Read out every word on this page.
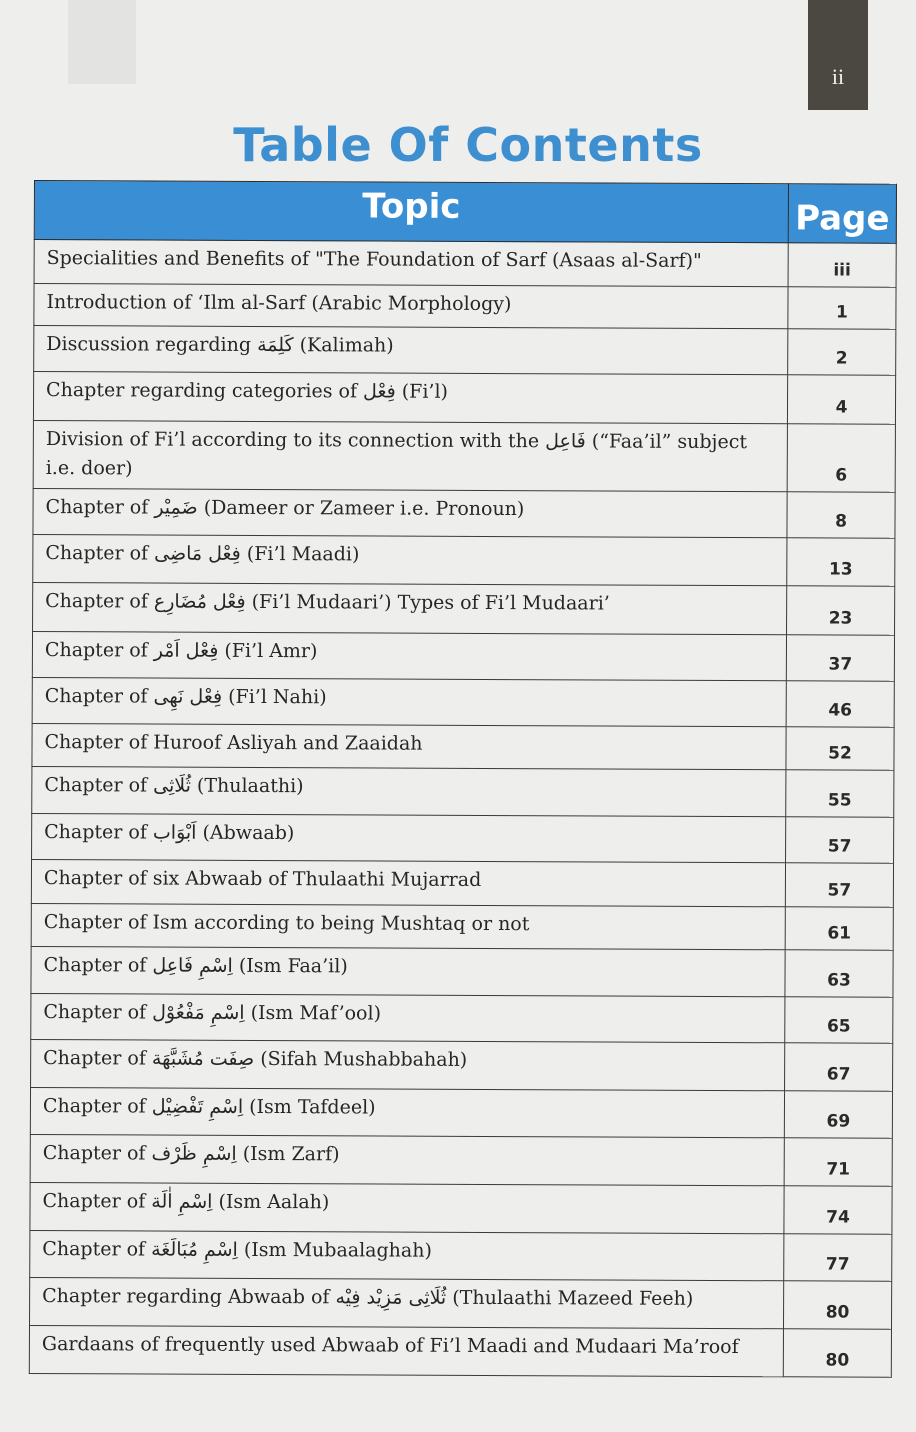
ii
Table Of Contents
Topic	Page
Specialities and Benefits of "The Foundation of Sarf (Asaas al-Sarf)"	iii
Introduction of ‘Ilm al-Sarf (Arabic Morphology)	1
Discussion regarding كَلِمَة (Kalimah)	2
Chapter regarding categories of فِعْل (Fi’l)	4
Division of Fi’l according to its connection with the فَاعِل (“Faa’il” subject i.e. doer)	6
Chapter of ضَمِيْر (Dameer or Zameer i.e. Pronoun)	8
Chapter of فِعْل مَاضِى (Fi’l Maadi)	13
Chapter of فِعْل مُضَارِع (Fi’l Mudaari’) Types of Fi’l Mudaari’	23
Chapter of فِعْل اَمْر (Fi’l Amr)	37
Chapter of فِعْل نَهِى (Fi’l Nahi)	46
Chapter of Huroof Asliyah and Zaaidah	52
Chapter of ثُلَاثِى (Thulaathi)	55
Chapter of اَبْوَاب (Abwaab)	57
Chapter of six Abwaab of Thulaathi Mujarrad	57
Chapter of Ism according to being Mushtaq or not	61
Chapter of اِسْمِ فَاعِل (Ism Faa’il)	63
Chapter of اِسْمِ مَفْعُوْل (Ism Maf’ool)	65
Chapter of صِفَت مُشَبَّهَة (Sifah Mushabbahah)	67
Chapter of اِسْمِ تَفْضِيْل (Ism Tafdeel)	69
Chapter of اِسْمِ ظَرْف (Ism Zarf)	71
Chapter of اِسْمِ اٰلَة (Ism Aalah)	74
Chapter of اِسْمِ مُبَالَغَة (Ism Mubaalaghah)	77
Chapter regarding Abwaab of ثُلَاثِى مَزِيْد فِيْه (Thulaathi Mazeed Feeh)	80
Gardaans of frequently used Abwaab of Fi’l Maadi and Mudaari Ma’roof	80
